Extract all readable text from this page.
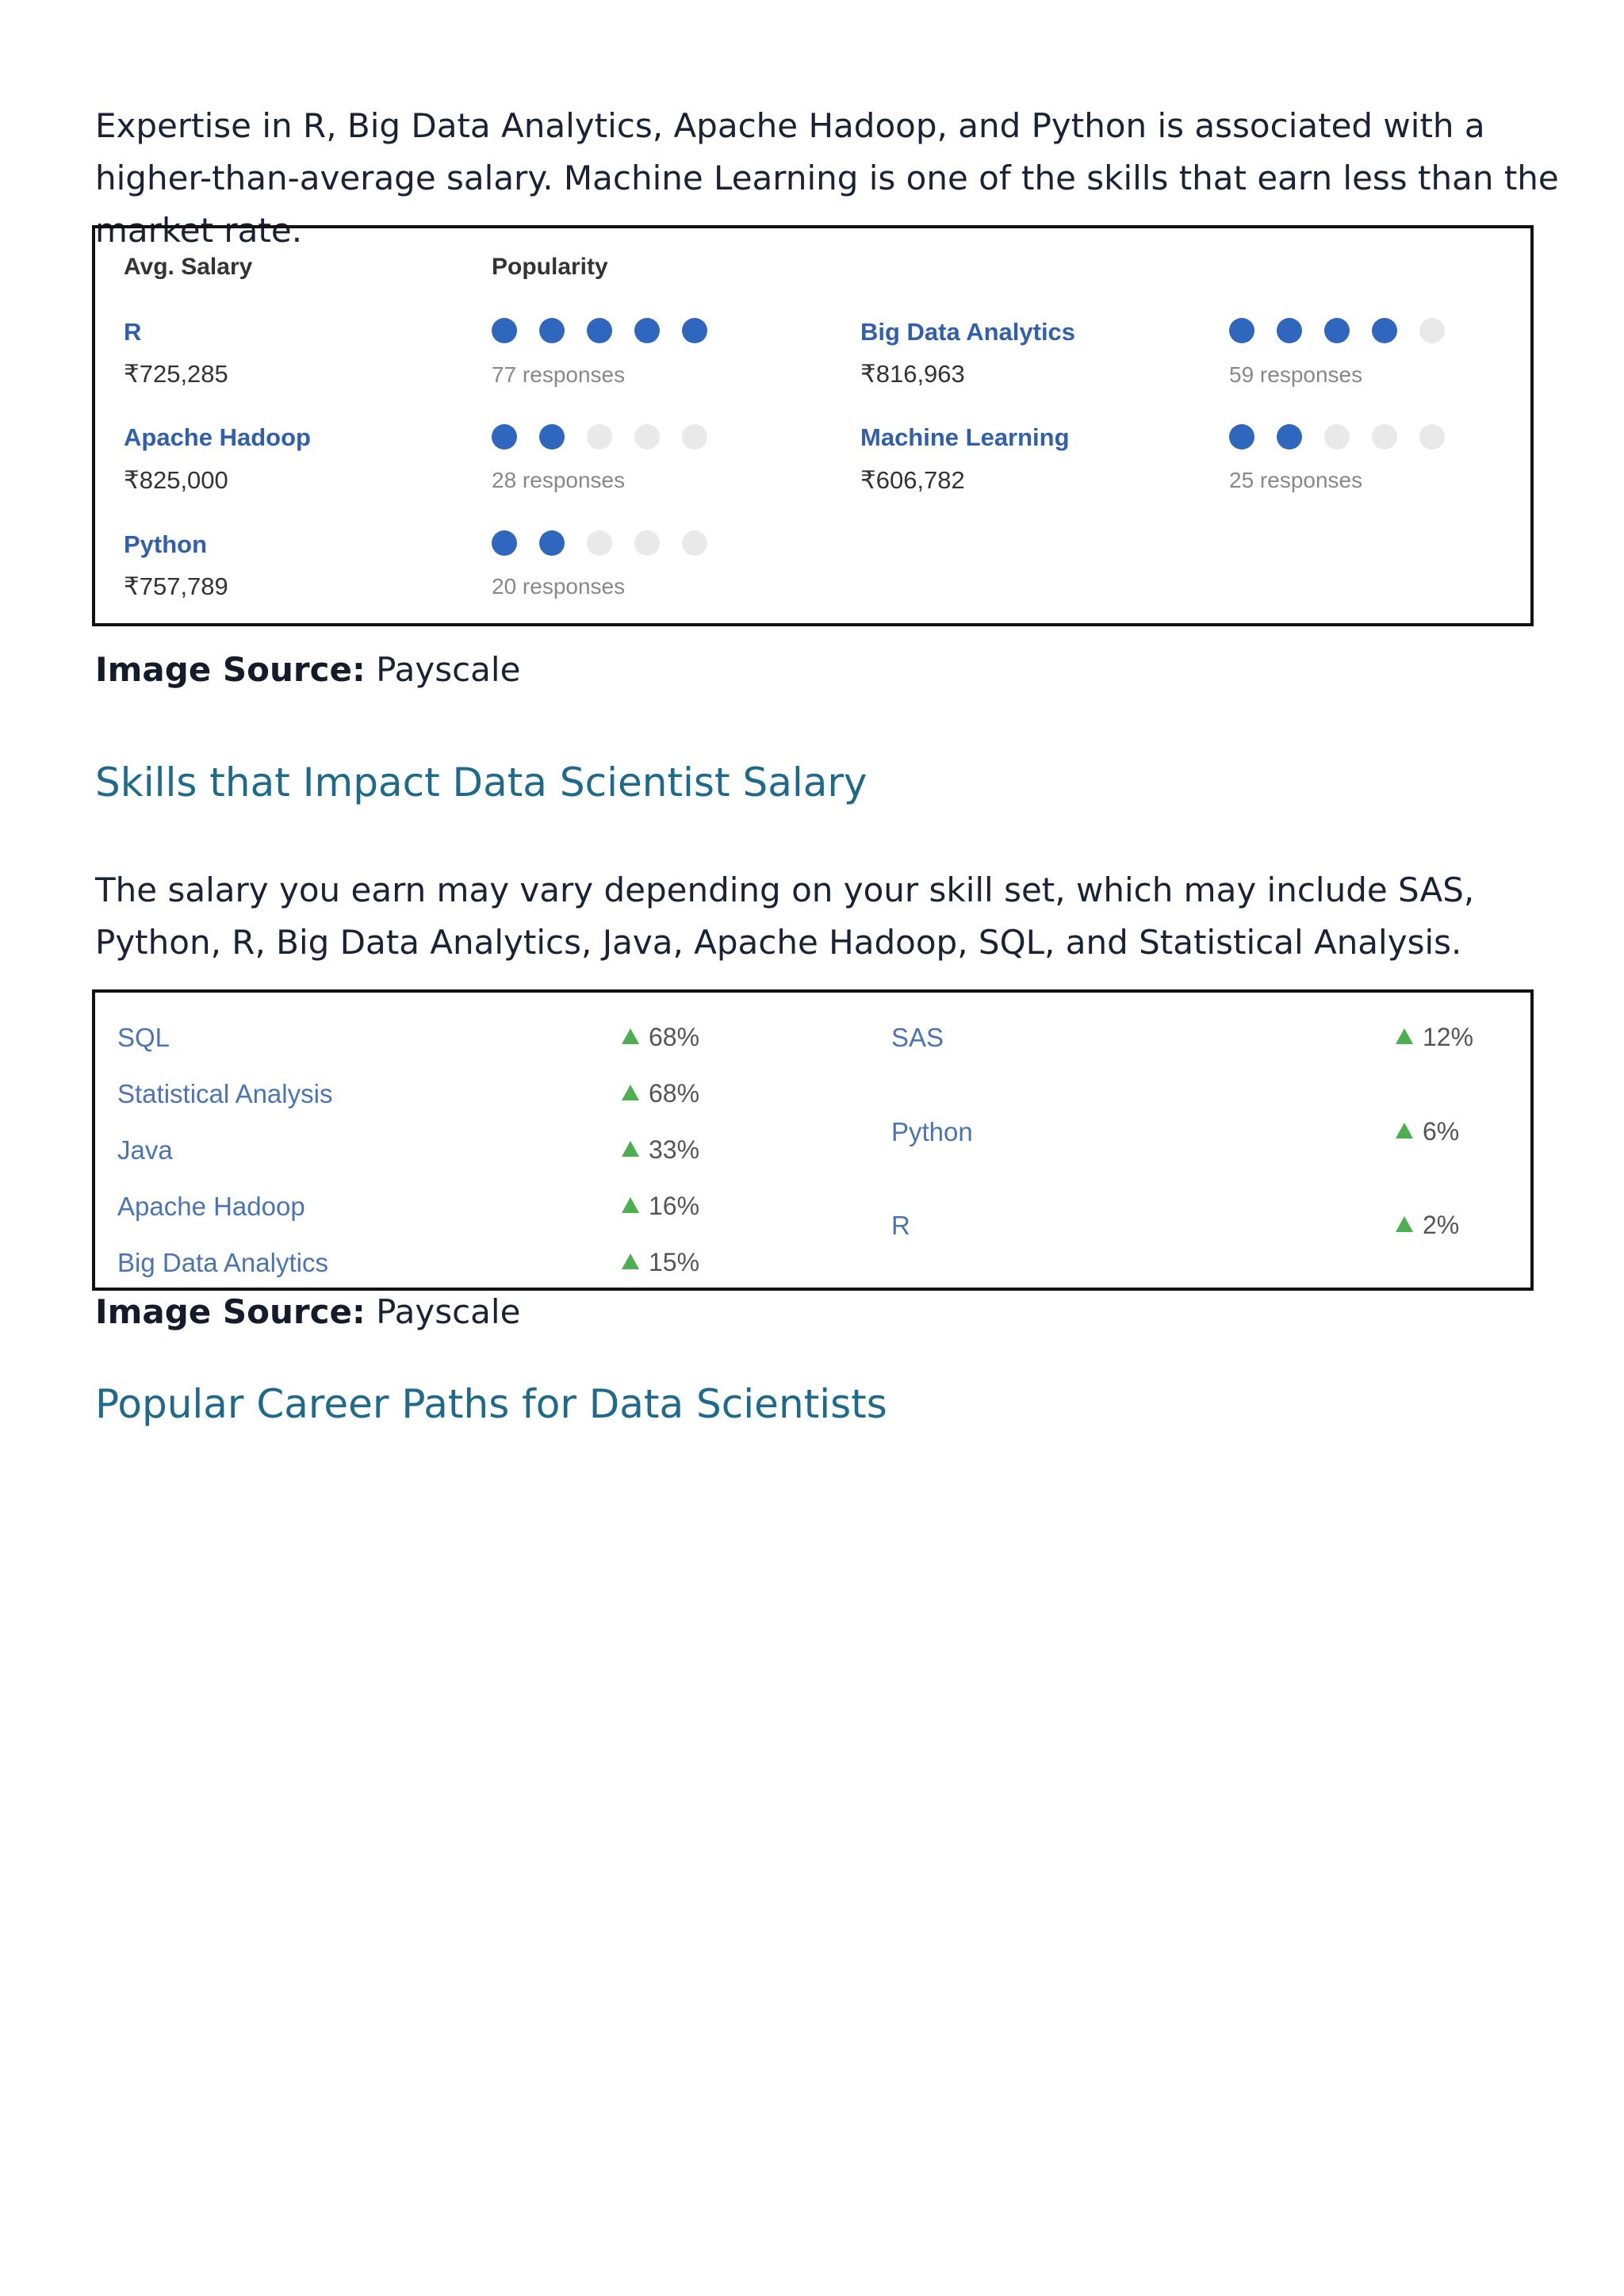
Expertise in R, Big Data Analytics, Apache Hadoop, and Python is associated with a higher-than-average salary. Machine Learning is one of the skills that earn less than the market rate.

Avg. Salary	Popularity
R
₹725,285	77 responses
Big Data Analytics
₹816,963	59 responses
Apache Hadoop
₹825,000	28 responses
Machine Learning
₹606,782	25 responses
Python
₹757,789	20 responses

Image Source: Payscale

Skills that Impact Data Scientist Salary

The salary you earn may vary depending on your skill set, which may include SAS, Python, R, Big Data Analytics, Java, Apache Hadoop, SQL, and Statistical Analysis.

SQL	68%
Statistical Analysis	68%
Java	33%
Apache Hadoop	16%
Big Data Analytics	15%
SAS	12%
Python	6%
R	2%

Image Source: Payscale

Popular Career Paths for Data Scientists
